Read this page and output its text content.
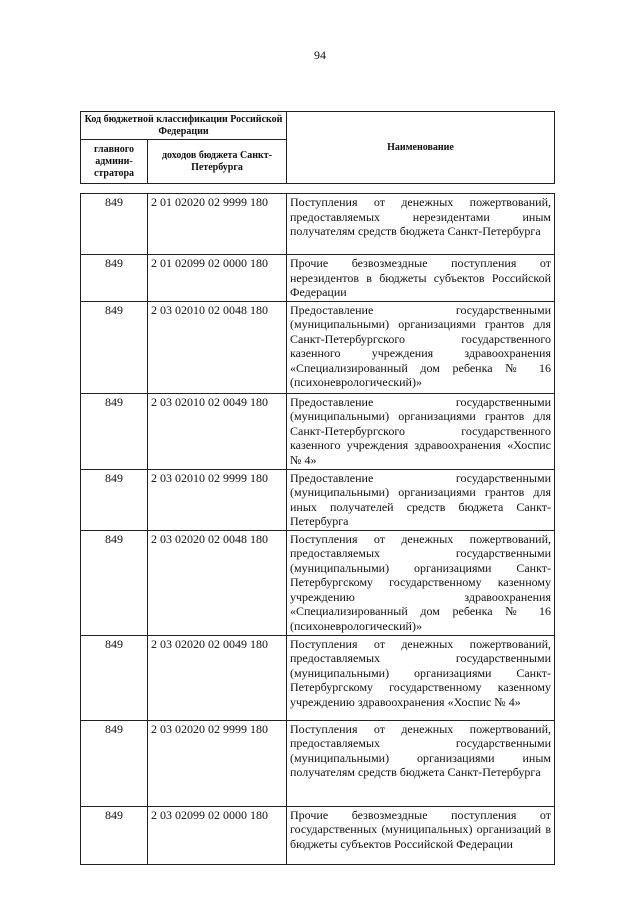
94
Код бюджетной классификации Российской Федерации		Наименование
главного админи-стратора	доходов бюджета Санкт-Петербурга	
849	2 01 02020 02 9999 180	Поступления от денежных пожертвований, предоставляемых нерезидентами иным получателям средств бюджета Санкт-Петербурга
849	2 01 02099 02 0000 180	Прочие безвозмездные поступления от нерезидентов в бюджеты субъектов Российской Федерации
849	2 03 02010 02 0048 180	Предоставление государственными (муниципальными) организациями грантов для Санкт-Петербургского государственного казенного учреждения здравоохранения «Специализированный дом ребенка № 16 (психоневрологический)»
849	2 03 02010 02 0049 180	Предоставление государственными (муниципальными) организациями грантов для Санкт-Петербургского государственного казенного учреждения здравоохранения «Хоспис № 4»
849	2 03 02010 02 9999 180	Предоставление государственными (муниципальными) организациями грантов для иных получателей средств бюджета Санкт-Петербурга
849	2 03 02020 02 0048 180	Поступления от денежных пожертвований, предоставляемых государственными (муниципальными) организациями Санкт-Петербургскому государственному казенному учреждению здравоохранения «Специализированный дом ребенка № 16 (психоневрологический)»
849	2 03 02020 02 0049 180	Поступления от денежных пожертвований, предоставляемых государственными (муниципальными) организациями Санкт-Петербургскому государственному казенному учреждению здравоохранения «Хоспис № 4»
849	2 03 02020 02 9999 180	Поступления от денежных пожертвований, предоставляемых государственными (муниципальными) организациями иным получателям средств бюджета Санкт-Петербурга
849	2 03 02099 02 0000 180	Прочие безвозмездные поступления от государственных (муниципальных) организаций в бюджеты субъектов Российской Федерации
